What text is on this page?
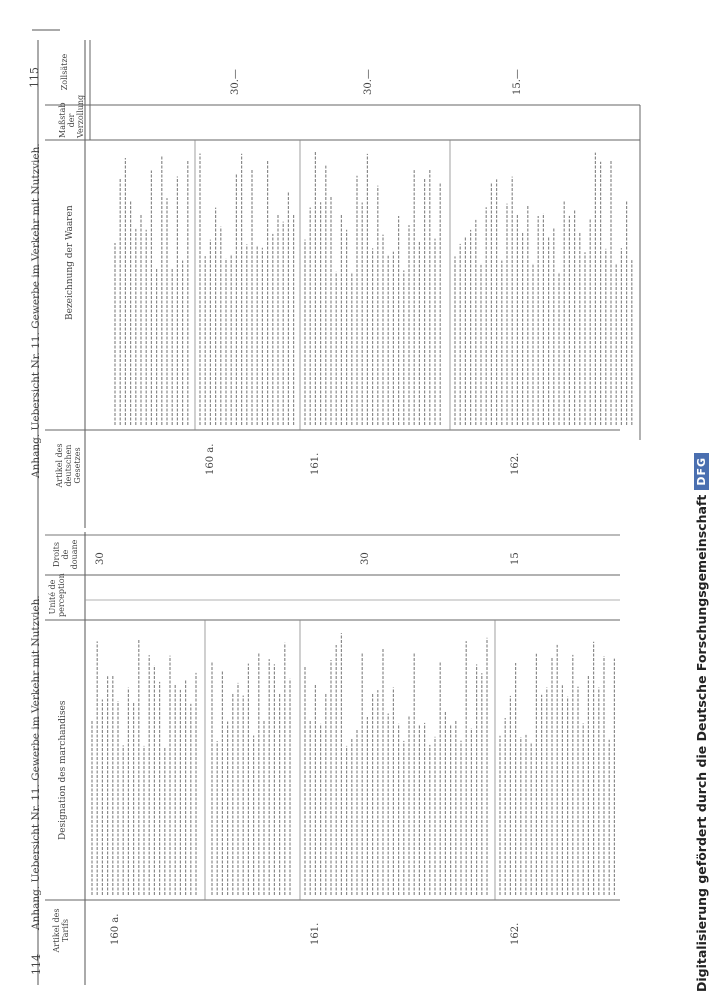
114
115
Anhang. Uebersicht Nr. 11. Gewerbe im Verkehr mit Nutzvieh.
Anhang. Uebersicht Nr. 11. Gewerbe im Verkehr mit Nutzvieh.
Artikel des Tarifs
Designation des marchandises
Unité de perception
Droits de douane
Artikel des deutschen Gesetzes
Bezeichnung der Waaren
Maßstab der Verzollung
Zollsätze
160 a.
30
161.
30
162.
15
160 a.
30.—
161.
30.—
162.
15.—
Digitalisierung gefördert durch die Deutsche Forschungsgemeinschaft
DFG
